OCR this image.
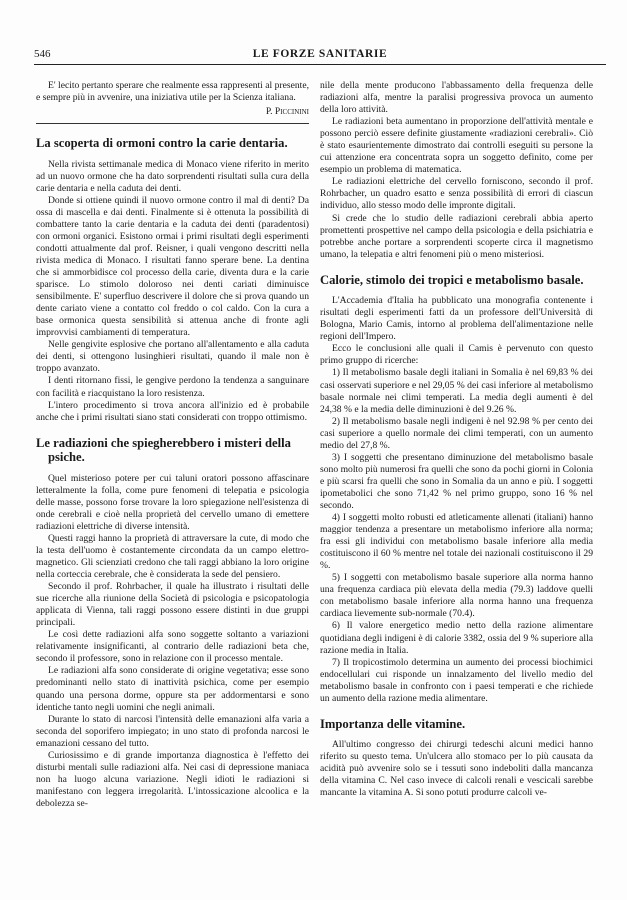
546	LE FORZE SANITARIE

E' lecito pertanto sperare che realmente essa rappresenti al presente, e sempre più in avvenire, una iniziativa utile per la Scienza italiana.

P. Piccinini

La scoperta di ormoni contro la carie dentaria.

Nella rivista settimanale medica di Monaco viene riferito in merito ad un nuovo ormone che ha dato sorprendenti risultati sulla cura della carie dentaria e nella caduta dei denti.

Donde si ottiene quindi il nuovo ormone contro il mal di denti? Da ossa di mascella e dai denti. Finalmente si è ottenuta la possibilità di combattere tanto la carie dentaria e la caduta dei denti (paradentosi) con ormoni organici. Esistono ormai i primi risultati degli esperimenti condotti attualmente dal prof. Reisner, i quali vengono descritti nella rivista medica di Monaco. I risultati fanno sperare bene. La dentina che si ammorbidisce col processo della carie, diventa dura e la carie sparisce. Lo stimolo doloroso nei denti cariati diminuisce sensibilmente. E' superfluo descrivere il dolore che si prova quando un dente cariato viene a contatto col freddo o col caldo. Con la cura a base ormonica questa sensibilità si attenua anche di fronte agli improvvisi cambiamenti di temperatura.

Nelle gengivite esplosive che portano all'allentamento e alla caduta dei denti, si ottengono lusinghieri risultati, quando il male non è troppo avanzato.

I denti ritornano fissi, le gengive perdono la tendenza a sanguinare con facilità e riacquistano la loro resistenza.

L'intero procedimento si trova ancora all'inizio ed è probabile anche che i primi risultati siano stati considerati con troppo ottimismo.

Le radiazioni che spiegherebbero i misteri della psiche.

Quel misterioso potere per cui taluni oratori possono affascinare letteralmente la folla, come pure fenomeni di telepatia e psicologia delle masse, possono forse trovare la loro spiegazione nell'esistenza di onde cerebrali e cioè nella proprietà del cervello umano di emettere radiazioni elettriche di diverse intensità.

Questi raggi hanno la proprietà di attraversare la cute, di modo che la testa dell'uomo è costantemente circondata da un campo elettro-magnetico. Gli scienziati credono che tali raggi abbiano la loro origine nella corteccia cerebrale, che è considerata la sede del pensiero.

Secondo il prof. Rohrbacher, il quale ha illustrato i risultati delle sue ricerche alla riunione della Società di psicologia e psicopatologia applicata di Vienna, tali raggi possono essere distinti in due gruppi principali.

Le così dette radiazioni alfa sono soggette soltanto a variazioni relativamente insignificanti, al contrario delle radiazioni beta che, secondo il professore, sono in relazione con il processo mentale.

Le radiazioni alfa sono considerate di origine vegetativa; esse sono predominanti nello stato di inattività psichica, come per esempio quando una persona dorme, oppure sta per addormentarsi e sono identiche tanto negli uomini che negli animali.

Durante lo stato di narcosi l'intensità delle emanazioni alfa varia a seconda del soporifero impiegato; in uno stato di profonda narcosi le emanazioni cessano del tutto.

Curiosissimo e di grande importanza diagnostica è l'effetto dei disturbi mentali sulle radiazioni alfa. Nei casi di depressione maniaca non ha luogo alcuna variazione. Negli idioti le radiazioni si manifestano con leggera irregolarità. L'intossicazione alcoolica e la debolezza se-

nile della mente producono l'abbassamento della frequenza delle radiazioni alfa, mentre la paralisi progressiva provoca un aumento della loro attività.

Le radiazioni beta aumentano in proporzione dell'attività mentale e possono perciò essere definite giustamente «radiazioni cerebrali». Ciò è stato esaurientemente dimostrato dai controlli eseguiti su persone la cui attenzione era concentrata sopra un soggetto definito, come per esempio un problema di matematica.

Le radiazioni elettriche del cervello forniscono, secondo il prof. Rohrbacher, un quadro esatto e senza possibilità di errori di ciascun individuo, allo stesso modo delle impronte digitali.

Si crede che lo studio delle radiazioni cerebrali abbia aperto promettenti prospettive nel campo della psicologia e della psichiatria e potrebbe anche portare a sorprendenti scoperte circa il magnetismo umano, la telepatia e altri fenomeni più o meno misteriosi.

Calorie, stimolo dei tropici e metabolismo basale.

L'Accademia d'Italia ha pubblicato una monografia contenente i risultati degli esperimenti fatti da un professore dell'Università di Bologna, Mario Camis, intorno al problema dell'alimentazione nelle regioni dell'Impero.

Ecco le conclusioni alle quali il Camis è pervenuto con questo primo gruppo di ricerche:

1) Il metabolismo basale degli italiani in Somalia è nel 69,83 % dei casi osservati superiore e nel 29,05 % dei casi inferiore al metabolismo basale normale nei climi temperati. La media degli aumenti è del 24,38 % e la media delle diminuzioni è del 9.26 %.

2) Il metabolismo basale negli indigeni è nel 92.98 % per cento dei casi superiore a quello normale dei climi temperati, con un aumento medio del 27,8 %.

3) I soggetti che presentano diminuzione del metabolismo basale sono molto più numerosi fra quelli che sono da pochi giorni in Colonia e più scarsi fra quelli che sono in Somalia da un anno e più. I soggetti ipometabolici che sono 71,42 % nel primo gruppo, sono 16 % nel secondo.

4) I soggetti molto robusti ed atleticamente allenati (italiani) hanno maggior tendenza a presentare un metabolismo inferiore alla norma; fra essi gli individui con metabolismo basale inferiore alla media costituiscono il 60 % mentre nel totale dei nazionali costituiscono il 29 %.

5) I soggetti con metabolismo basale superiore alla norma hanno una frequenza cardiaca più elevata della media (79.3) laddove quelli con metabolismo basale inferiore alla norma hanno una frequenza cardiaca lievemente sub-normale (70.4).

6) Il valore energetico medio netto della razione alimentare quotidiana degli indigeni è di calorie 3382, ossia del 9 % superiore alla razione media in Italia.

7) Il tropicostimolo determina un aumento dei processi biochimici endocellulari cui risponde un innalzamento del livello medio del metabolismo basale in confronto con i paesi temperati e che richiede un aumento della razione media alimentare.

Importanza delle vitamine.

All'ultimo congresso dei chirurgi tedeschi alcuni medici hanno riferito su questo tema. Un'ulcera allo stomaco per lo più causata da acidità può avvenire solo se i tessuti sono indeboliti dalla mancanza della vitamina C. Nel caso invece di calcoli renali e vescicali sarebbe mancante la vitamina A. Si sono potuti produrre calcoli ve-
